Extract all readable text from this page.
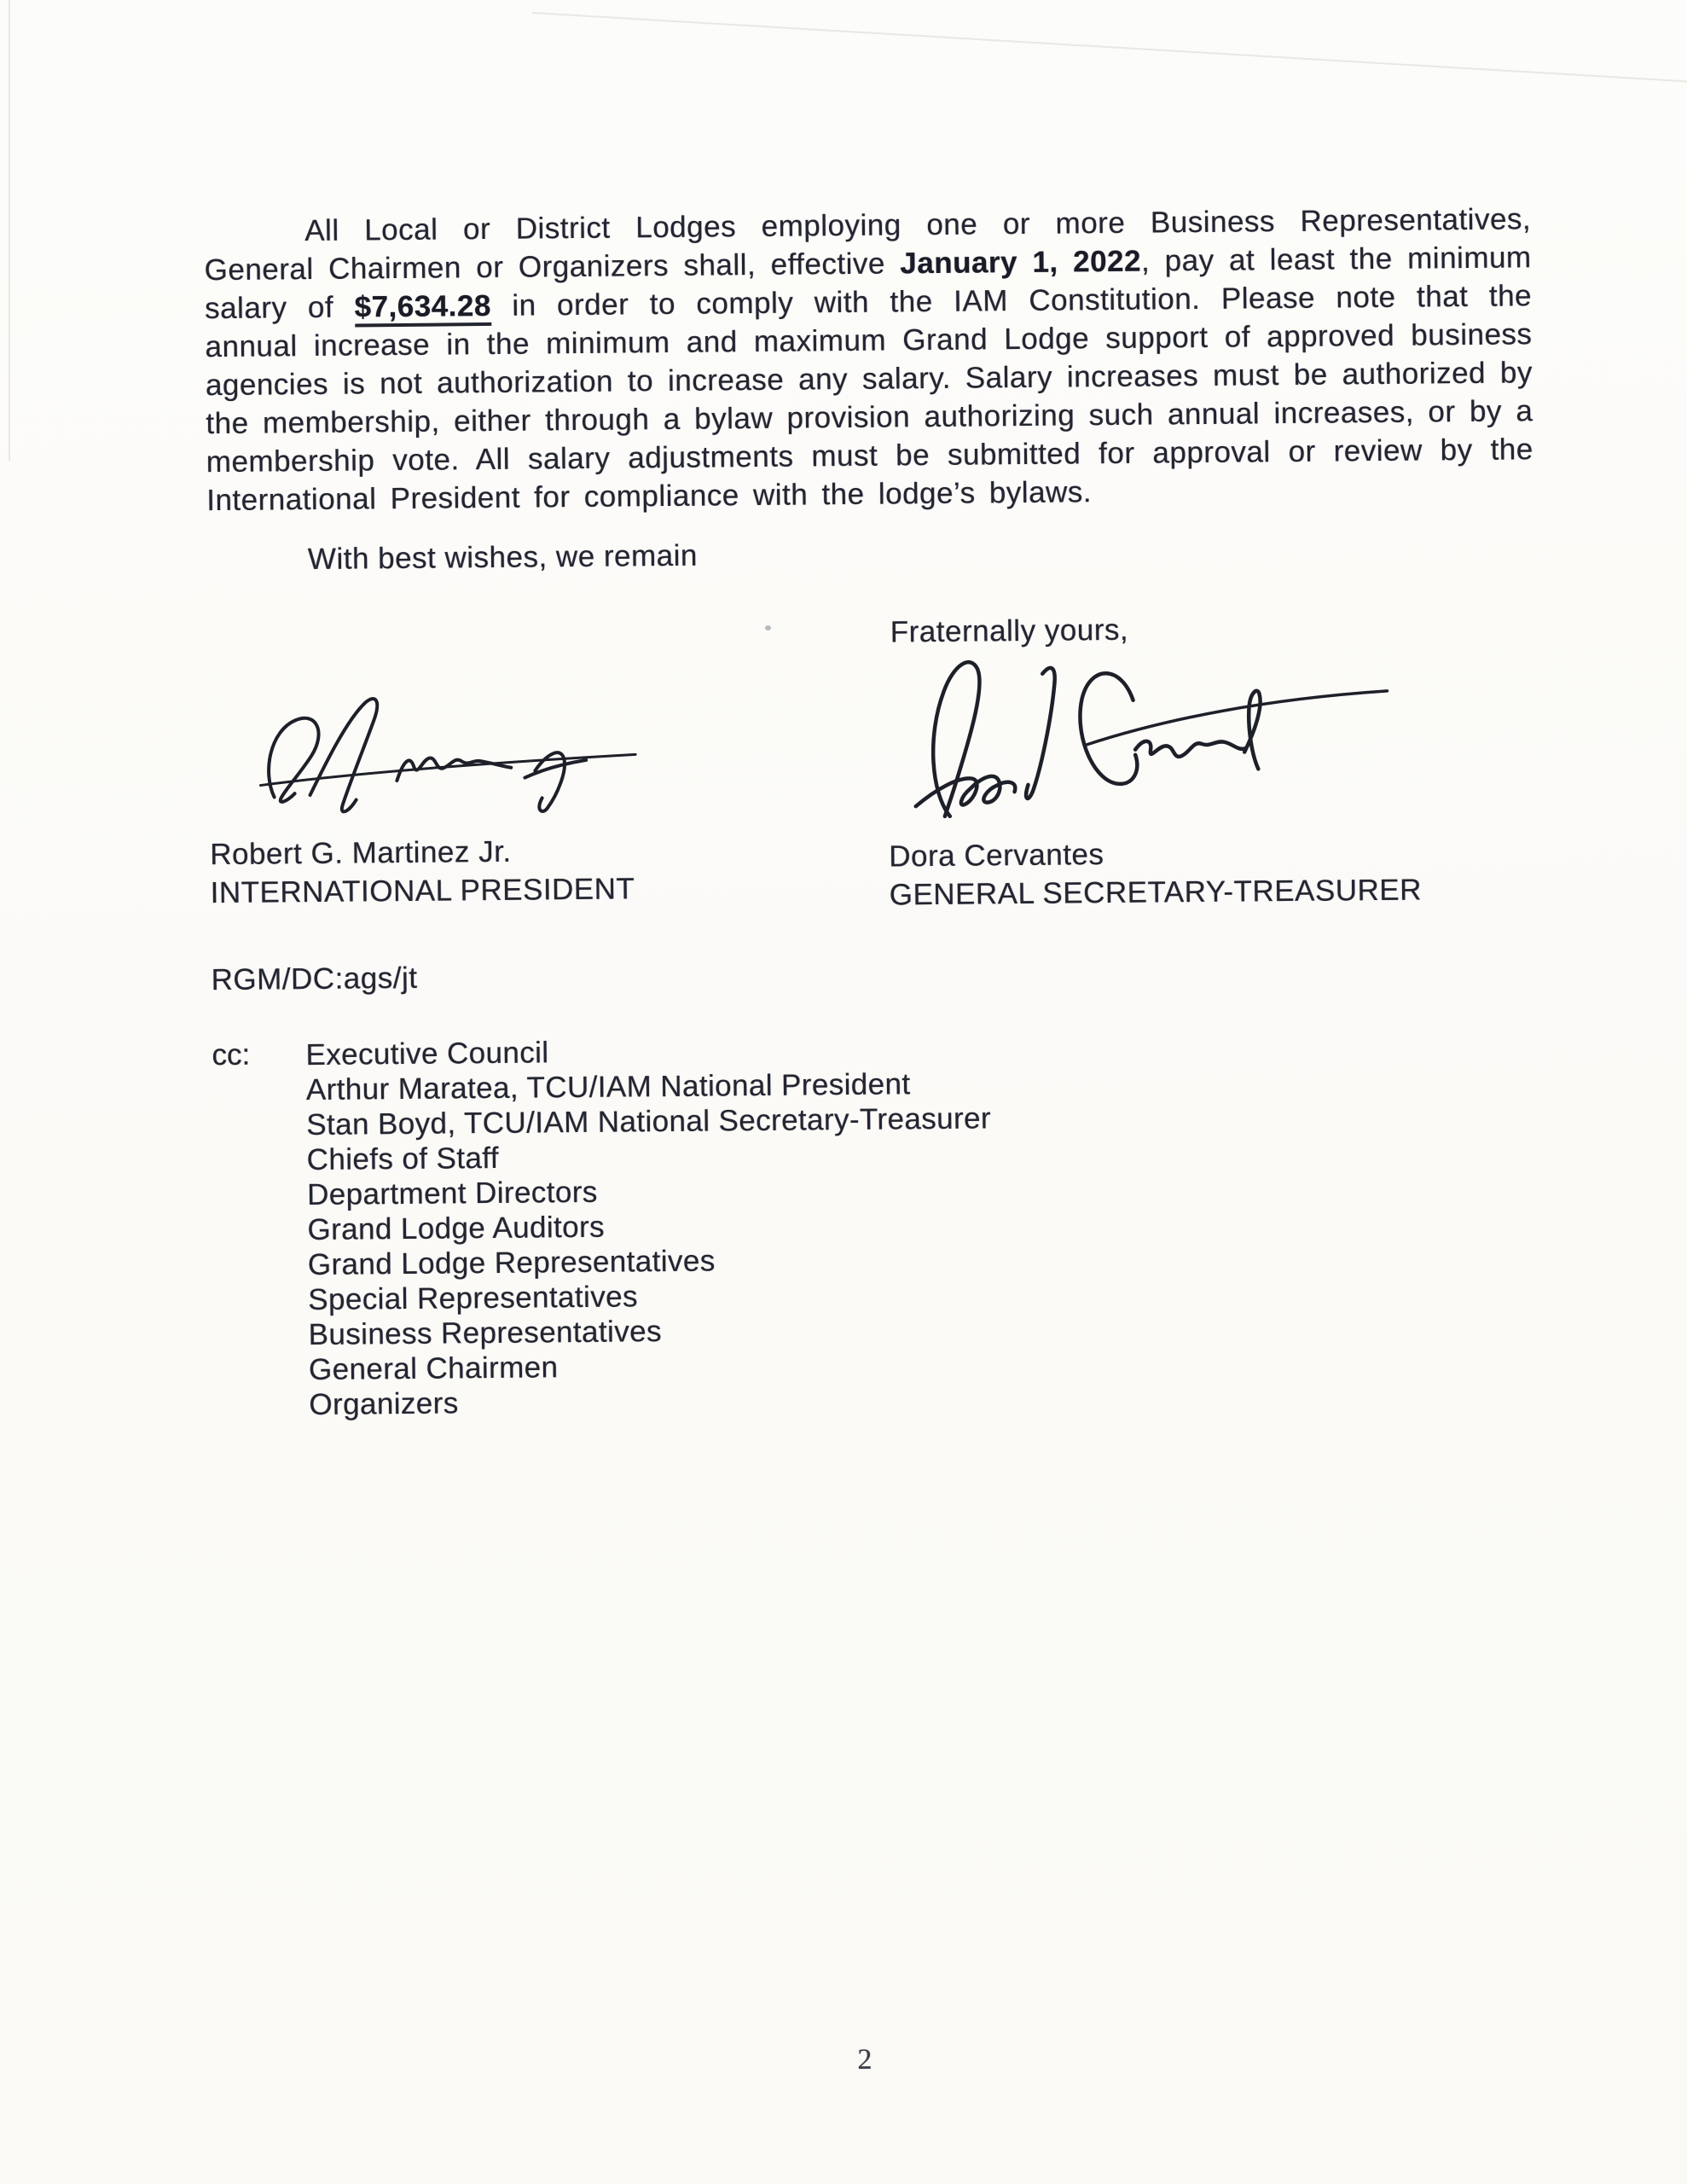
All Local or District Lodges employing one or more Business Representatives, General Chairmen or Organizers shall, effective January 1, 2022, pay at least the minimum salary of $7,634.28 in order to comply with the IAM Constitution. Please note that the annual increase in the minimum and maximum Grand Lodge support of approved business agencies is not authorization to increase any salary. Salary increases must be authorized by the membership, either through a bylaw provision authorizing such annual increases, or by a membership vote. All salary adjustments must be submitted for approval or review by the International President for compliance with the lodge’s bylaws.

With best wishes, we remain
Fraternally yours,
Robert G. Martinez Jr.
INTERNATIONAL PRESIDENT
Dora Cervantes
GENERAL SECRETARY-TREASURER
RGM/DC:ags/jt
cc: Executive Council
Arthur Maratea, TCU/IAM National President
Stan Boyd, TCU/IAM National Secretary-Treasurer
Chiefs of Staff
Department Directors
Grand Lodge Auditors
Grand Lodge Representatives
Special Representatives
Business Representatives
General Chairmen
Organizers
2
